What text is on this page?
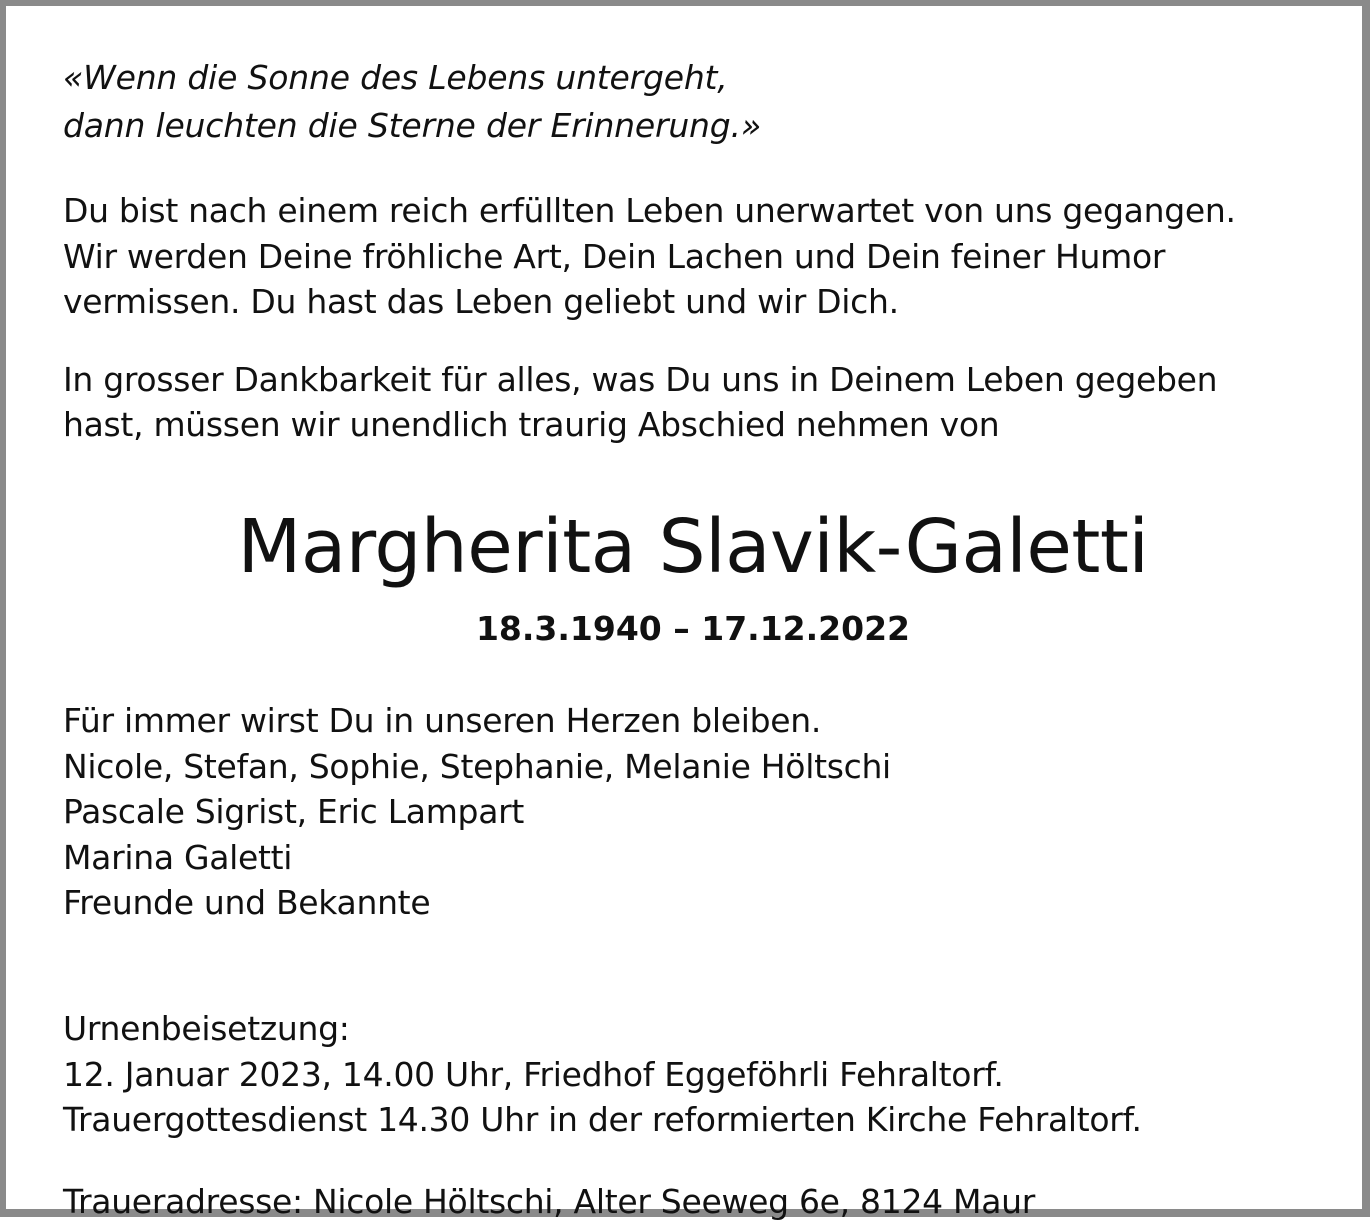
«Wenn die Sonne des Lebens untergeht,
dann leuchten die Sterne der Erinnerung.»

Du bist nach einem reich erfüllten Leben unerwartet von uns gegangen.
Wir werden Deine fröhliche Art, Dein Lachen und Dein feiner Humor
vermissen. Du hast das Leben geliebt und wir Dich.

In grosser Dankbarkeit für alles, was Du uns in Deinem Leben gegeben
hast, müssen wir unendlich traurig Abschied nehmen von

Margherita Slavik-Galetti

18.3.1940 – 17.12.2022

Für immer wirst Du in unseren Herzen bleiben.
Nicole, Stefan, Sophie, Stephanie, Melanie Höltschi
Pascale Sigrist, Eric Lampart
Marina Galetti
Freunde und Bekannte
Urnenbeisetzung:
12. Januar 2023, 14.00 Uhr, Friedhof Eggeföhrli Fehraltorf.
Trauergottesdienst 14.30 Uhr in der reformierten Kirche Fehraltorf.
Traueradresse: Nicole Höltschi, Alter Seeweg 6e, 8124 Maur
